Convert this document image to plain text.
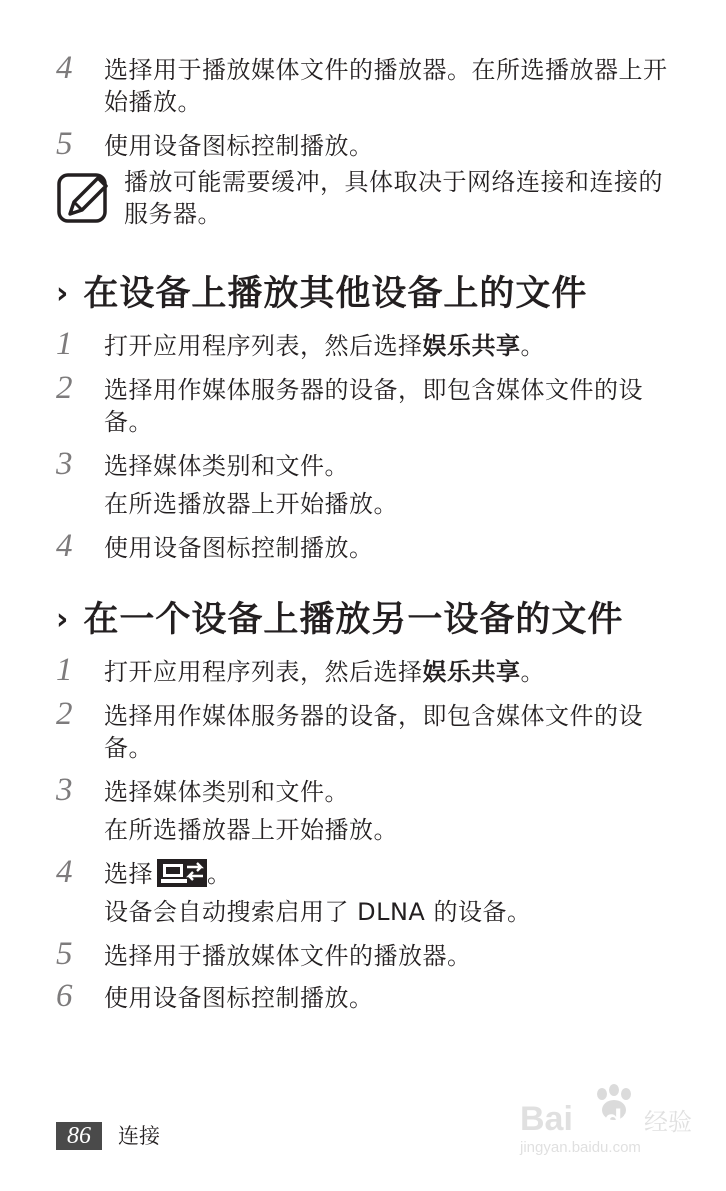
4	选择用于播放媒体文件的播放器。在所选播放器上开始播放。
5	使用设备图标控制播放。
播放可能需要缓冲，具体取决于网络连接和连接的服务器。
› 在设备上播放其他设备上的文件
1	打开应用程序列表，然后选择娱乐共享。
2	选择用作媒体服务器的设备，即包含媒体文件的设备。
3	选择媒体类别和文件。
在所选播放器上开始播放。
4	使用设备图标控制播放。
› 在一个设备上播放另一设备的文件
1	打开应用程序列表，然后选择娱乐共享。
2	选择用作媒体服务器的设备，即包含媒体文件的设备。
3	选择媒体类别和文件。
在所选播放器上开始播放。
4	选择 。
设备会自动搜索启用了 DLNA 的设备。
5	选择用于播放媒体文件的播放器。
6	使用设备图标控制播放。
86	连接	Bai du 经验
jingyan.baidu.com
